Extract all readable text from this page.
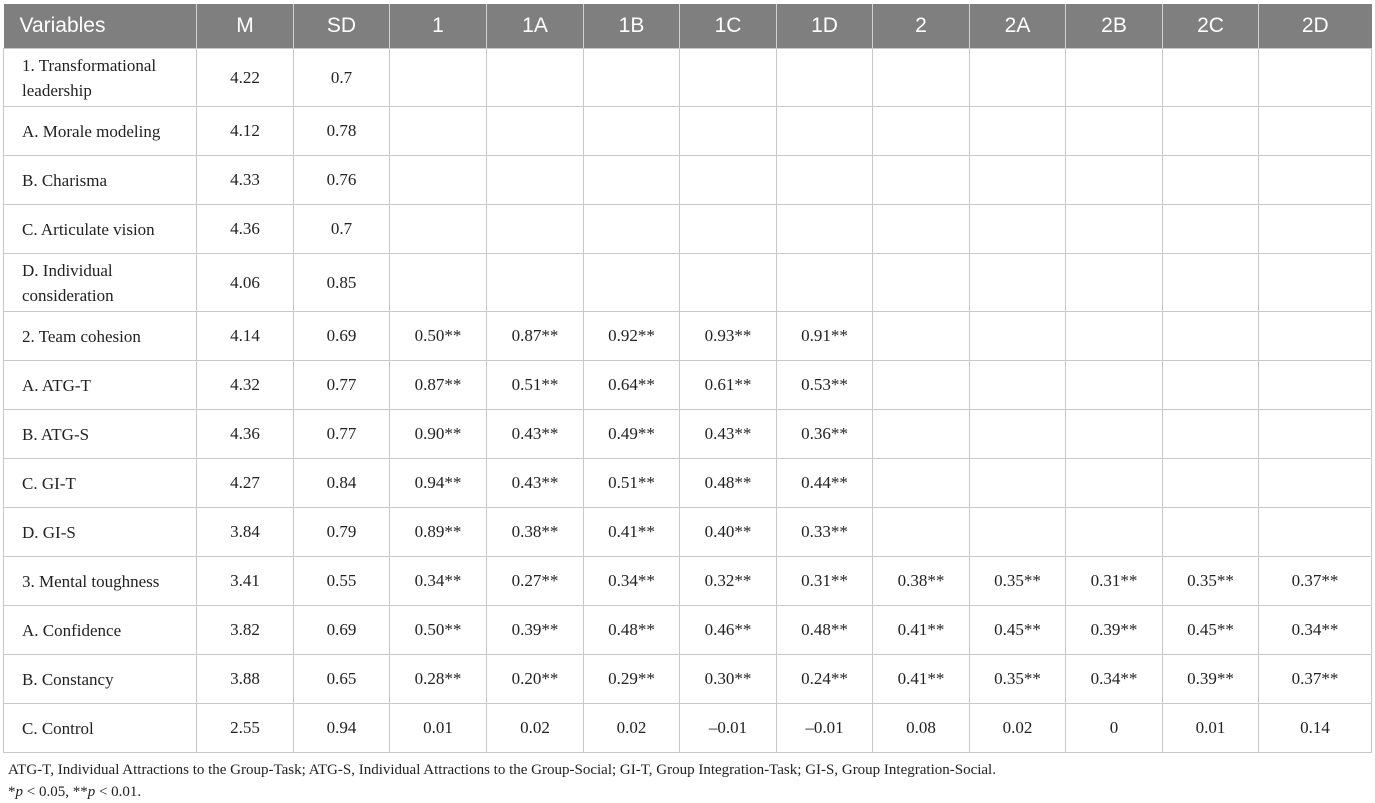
Variables	M	SD	1	1A	1B	1C	1D	2	2A	2B	2C	2D
1. Transformational leadership	4.22	0.7										
A. Morale modeling	4.12	0.78										
B. Charisma	4.33	0.76										
C. Articulate vision	4.36	0.7										
D. Individual consideration	4.06	0.85										
2. Team cohesion	4.14	0.69	0.50**	0.87**	0.92**	0.93**	0.91**					
A. ATG-T	4.32	0.77	0.87**	0.51**	0.64**	0.61**	0.53**					
B. ATG-S	4.36	0.77	0.90**	0.43**	0.49**	0.43**	0.36**					
C. GI-T	4.27	0.84	0.94**	0.43**	0.51**	0.48**	0.44**					
D. GI-S	3.84	0.79	0.89**	0.38**	0.41**	0.40**	0.33**					
3. Mental toughness	3.41	0.55	0.34**	0.27**	0.34**	0.32**	0.31**	0.38**	0.35**	0.31**	0.35**	0.37**
A. Confidence	3.82	0.69	0.50**	0.39**	0.48**	0.46**	0.48**	0.41**	0.45**	0.39**	0.45**	0.34**
B. Constancy	3.88	0.65	0.28**	0.20**	0.29**	0.30**	0.24**	0.41**	0.35**	0.34**	0.39**	0.37**
C. Control	2.55	0.94	0.01	0.02	0.02	–0.01	–0.01	0.08	0.02	0	0.01	0.14
ATG-T, Individual Attractions to the Group-Task; ATG-S, Individual Attractions to the Group-Social; GI-T, Group Integration-Task; GI-S, Group Integration-Social.
*p < 0.05, **p < 0.01.
